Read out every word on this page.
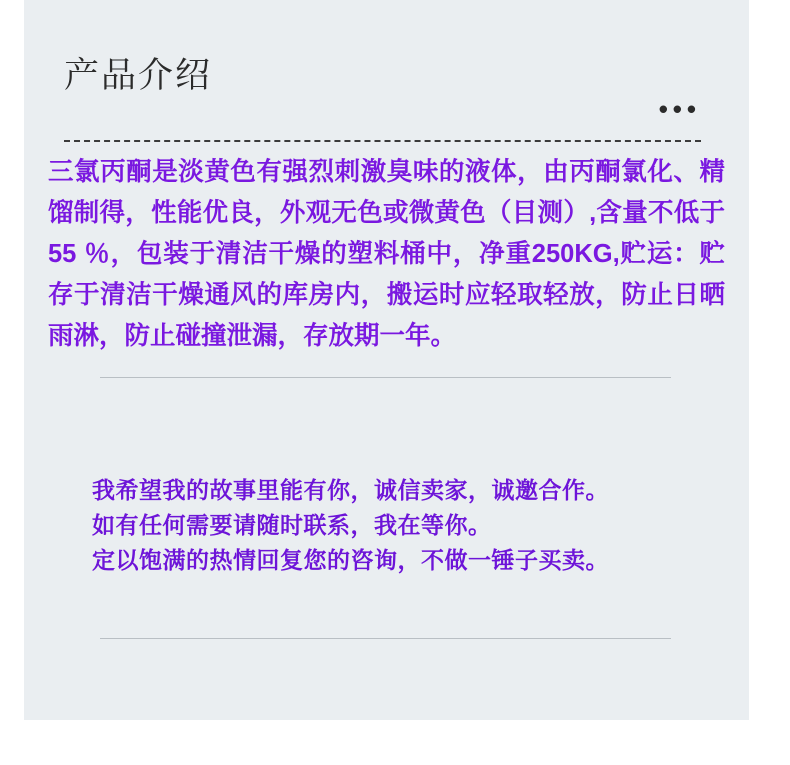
产品介绍
•••
三氯丙酮是淡黄色有强烈刺激臭味的液体，由丙酮氯化、精馏制得，性能优良，外观无色或微黄色（目测）,含量不低于55 ％，包装于清洁干燥的塑料桶中，净重250KG,贮运：贮存于清洁干燥通风的库房内，搬运时应轻取轻放，防止日晒雨淋，防止碰撞泄漏，存放期一年。
我希望我的故事里能有你，诚信卖家，诚邀合作。
如有任何需要请随时联系，我在等你。
定以饱满的热情回复您的咨询，不做一锤子买卖。
